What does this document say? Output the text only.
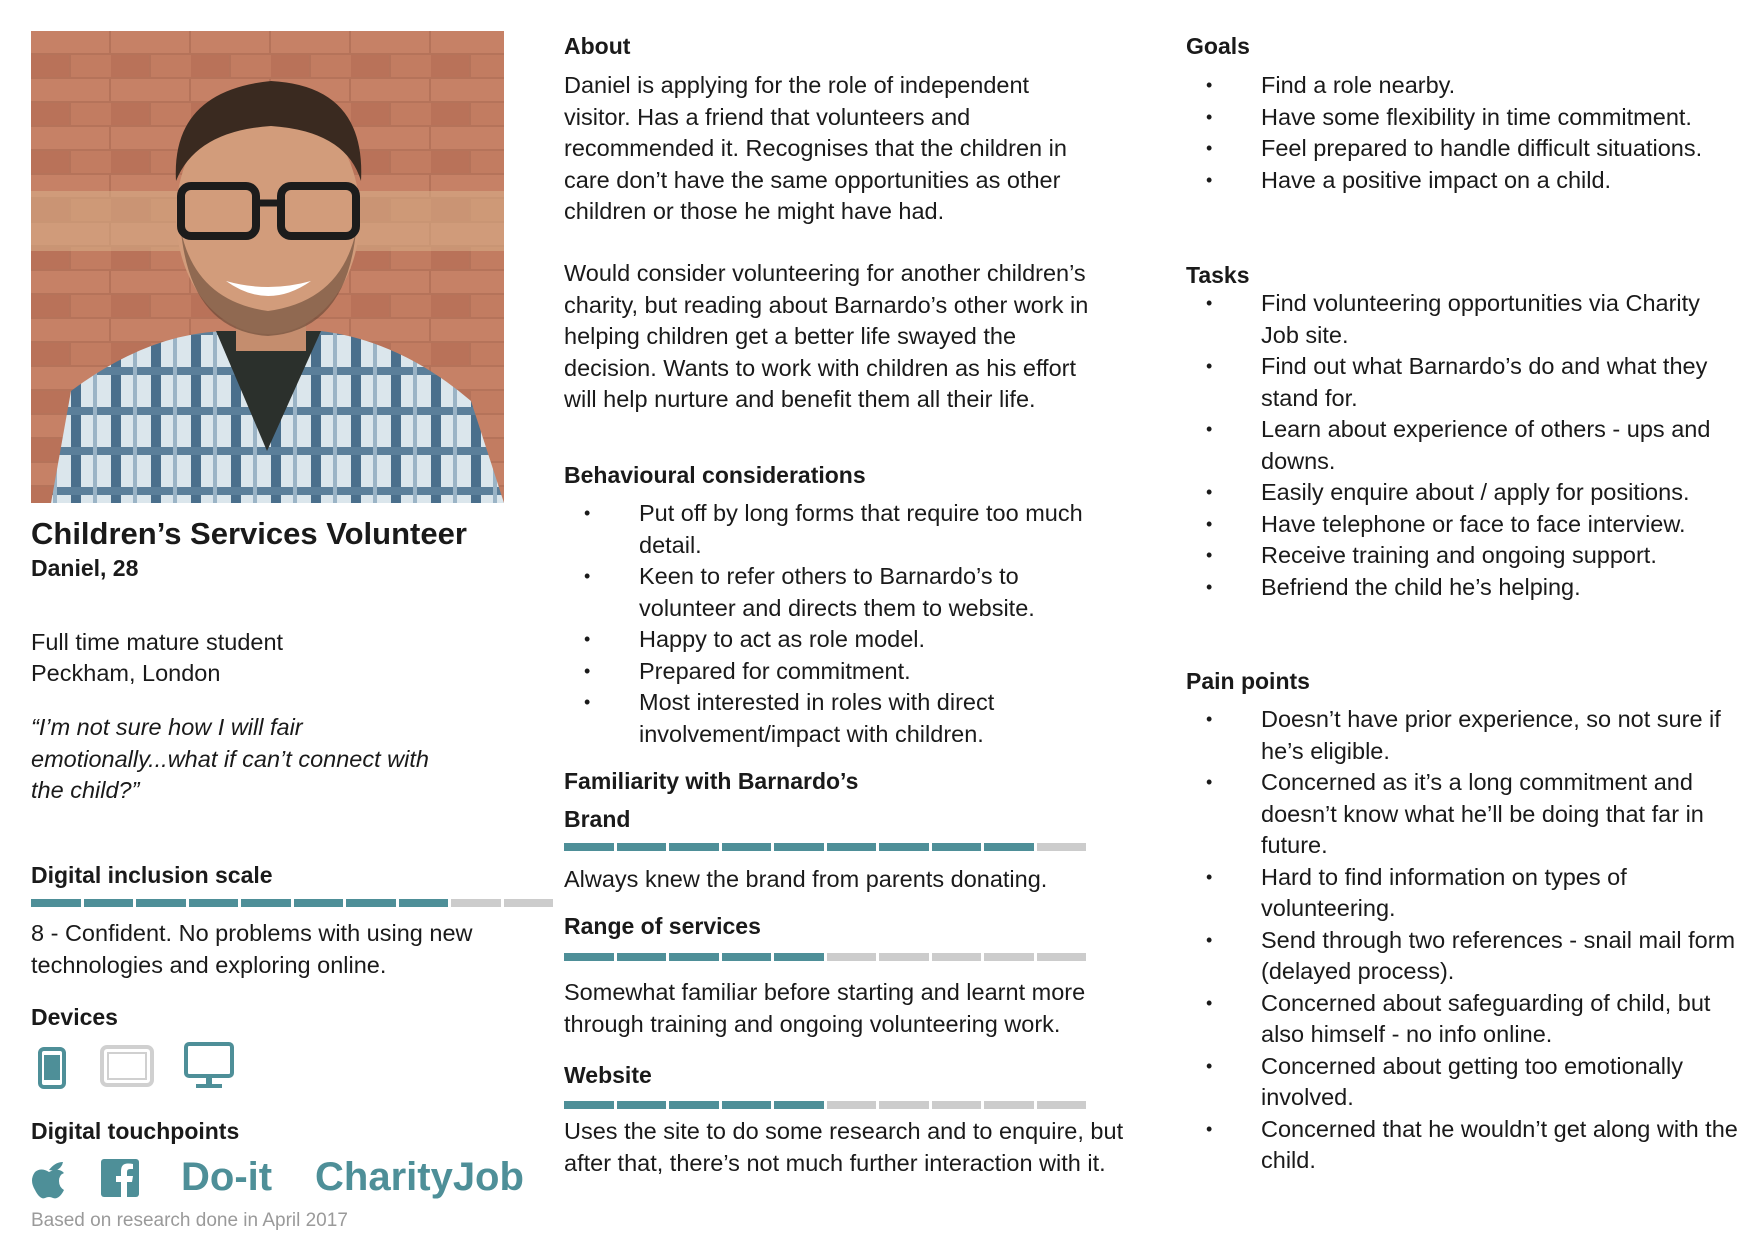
Children’s Services Volunteer

Daniel, 28

Full time mature student

Peckham, London

“I’m not sure how I will fair emotionally...what if can’t connect with the child?”

Digital inclusion scale

8 - Confident. No problems with using new technologies and exploring online.

Devices

Digital touchpoints

Do-it CharityJob

Based on research done in April 2017

About

Daniel is applying for the role of independent visitor. Has a friend that volunteers and recommended it. Recognises that the children in care don’t have the same opportunities as other children or those he might have had.

Would consider volunteering for another children’s charity, but reading about Barnardo’s other work in helping children get a better life swayed the decision. Wants to work with children as his effort will help nurture and benefit them all their life.

Behavioural considerations

• Put off by long forms that require too much detail.
• Keen to refer others to Barnardo’s to volunteer and directs them to website.
• Happy to act as role model.
• Prepared for commitment.
• Most interested in roles with direct involvement/impact with children.

Familiarity with Barnardo’s

Brand

Always knew the brand from parents donating.

Range of services

Somewhat familiar before starting and learnt more through training and ongoing volunteering work.

Website

Uses the site to do some research and to enquire, but after that, there’s not much further interaction with it.

Goals

• Find a role nearby.
• Have some flexibility in time commitment.
• Feel prepared to handle difficult situations.
• Have a positive impact on a child.

Tasks

• Find volunteering opportunities via Charity Job site.
• Find out what Barnardo’s do and what they stand for.
• Learn about experience of others - ups and downs.
• Easily enquire about / apply for positions.
• Have telephone or face to face interview.
• Receive training and ongoing support.
• Befriend the child he’s helping.

Pain points

• Doesn’t have prior experience, so not sure if he’s eligible.
• Concerned as it’s a long commitment and doesn’t know what he’ll be doing that far in future.
• Hard to find information on types of volunteering.
• Send through two references - snail mail form (delayed process).
• Concerned about safeguarding of child, but also himself - no info online.
• Concerned about getting too emotionally involved.
• Concerned that he wouldn’t get along with the child.
